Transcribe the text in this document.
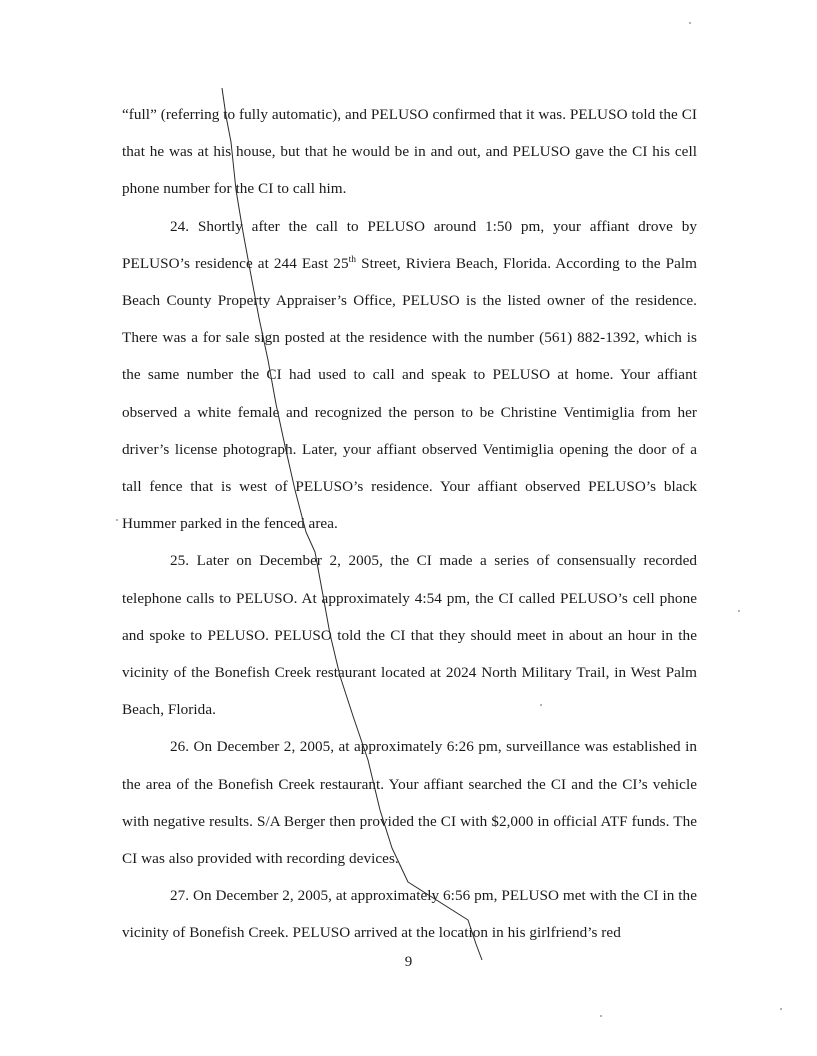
“full” (referring to fully automatic), and PELUSO confirmed that it was. PELUSO told the CI that he was at his house, but that he would be in and out, and PELUSO gave the CI his cell phone number for the CI to call him.

24. Shortly after the call to PELUSO around 1:50 pm, your affiant drove by PELUSO’s residence at 244 East 25th Street, Riviera Beach, Florida. According to the Palm Beach County Property Appraiser’s Office, PELUSO is the listed owner of the residence. There was a for sale sign posted at the residence with the number (561) 882-1392, which is the same number the CI had used to call and speak to PELUSO at home. Your affiant observed a white female and recognized the person to be Christine Ventimiglia from her driver’s license photograph. Later, your affiant observed Ventimiglia opening the door of a tall fence that is west of PELUSO’s residence. Your affiant observed PELUSO’s black Hummer parked in the fenced area.

25. Later on December 2, 2005, the CI made a series of consensually recorded telephone calls to PELUSO. At approximately 4:54 pm, the CI called PELUSO’s cell phone and spoke to PELUSO. PELUSO told the CI that they should meet in about an hour in the vicinity of the Bonefish Creek restaurant located at 2024 North Military Trail, in West Palm Beach, Florida.

26. On December 2, 2005, at approximately 6:26 pm, surveillance was established in the area of the Bonefish Creek restaurant. Your affiant searched the CI and the CI’s vehicle with negative results. S/A Berger then provided the CI with $2,000 in official ATF funds. The CI was also provided with recording devices.

27. On December 2, 2005, at approximately 6:56 pm, PELUSO met with the CI in the vicinity of Bonefish Creek. PELUSO arrived at the location in his girlfriend’s red

9
